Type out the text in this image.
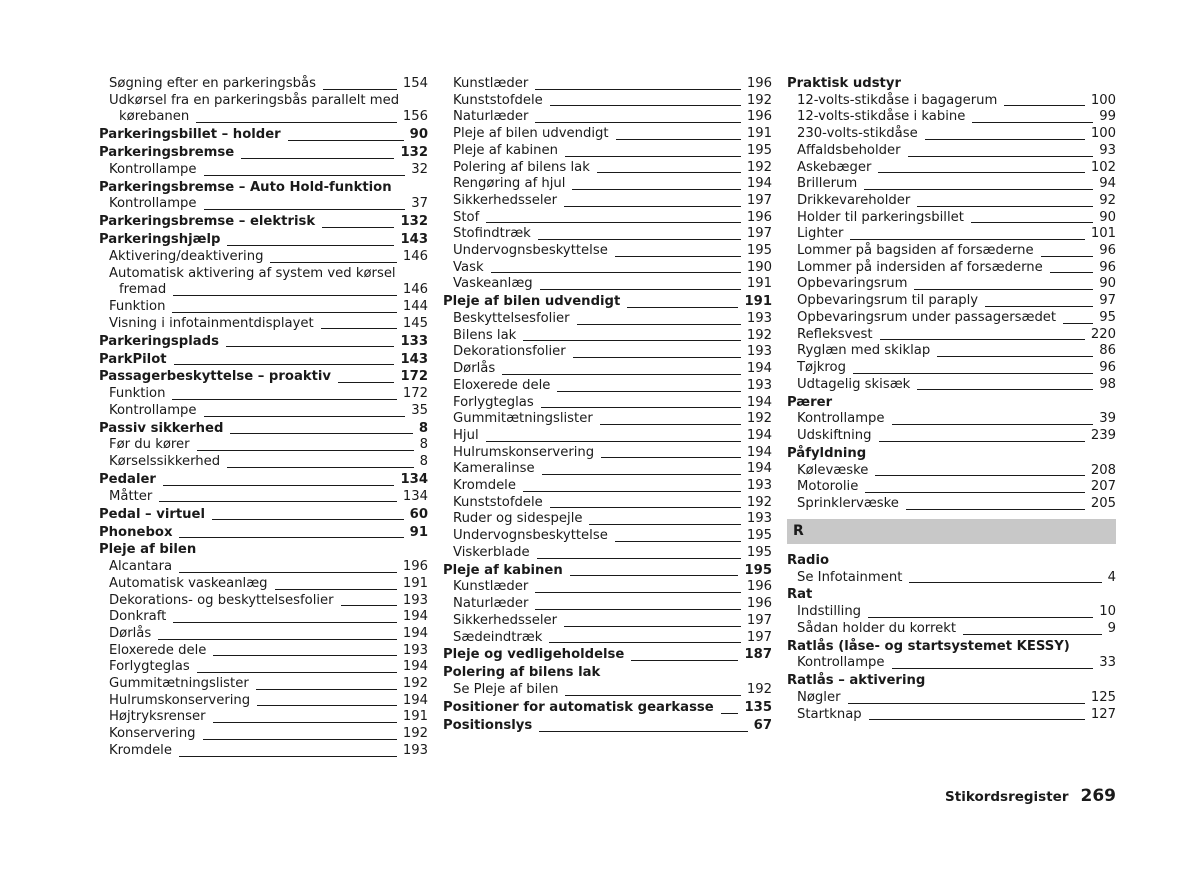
Søgning efter en parkeringsbås	154
Udkørsel fra en parkeringsbås parallelt med
kørebanen	156
Parkeringsbillet – holder	90
Parkeringsbremse	132
Kontrollampe	32
Parkeringsbremse – Auto Hold-funktion
Kontrollampe	37
Parkeringsbremse – elektrisk	132
Parkeringshjælp	143
Aktivering/deaktivering	146
Automatisk aktivering af system ved kørsel
fremad	146
Funktion	144
Visning i infotainmentdisplayet	145
Parkeringsplads	133
ParkPilot	143
Passagerbeskyttelse – proaktiv	172
Funktion	172
Kontrollampe	35
Passiv sikkerhed	8
Før du kører	8
Kørselssikkerhed	8
Pedaler	134
Måtter	134
Pedal – virtuel	60
Phonebox	91
Pleje af bilen
Alcantara	196
Automatisk vaskeanlæg	191
Dekorations- og beskyttelsesfolier	193
Donkraft	194
Dørlås	194
Eloxerede dele	193
Forlygteglas	194
Gummitætningslister	192
Hulrumskonservering	194
Højtryksrenser	191
Konservering	192
Kromdele	193
Kunstlæder	196
Kunststofdele	192
Naturlæder	196
Pleje af bilen udvendigt	191
Pleje af kabinen	195
Polering af bilens lak	192
Rengøring af hjul	194
Sikkerhedsseler	197
Stof	196
Stofindtræk	197
Undervognsbeskyttelse	195
Vask	190
Vaskeanlæg	191
Pleje af bilen udvendigt	191
Beskyttelsesfolier	193
Bilens lak	192
Dekorationsfolier	193
Dørlås	194
Eloxerede dele	193
Forlygteglas	194
Gummitætningslister	192
Hjul	194
Hulrumskonservering	194
Kameralinse	194
Kromdele	193
Kunststofdele	192
Ruder og sidespejle	193
Undervognsbeskyttelse	195
Viskerblade	195
Pleje af kabinen	195
Kunstlæder	196
Naturlæder	196
Sikkerhedsseler	197
Sædeindtræk	197
Pleje og vedligeholdelse	187
Polering af bilens lak
Se Pleje af bilen	192
Positioner for automatisk gearkasse 135
Positionslys	67
Praktisk udstyr
12-volts-stikdåse i bagagerum	100
12-volts-stikdåse i kabine	99
230-volts-stikdåse	100
Affaldsbeholder	93
Askebæger	102
Brillerum	94
Drikkevareholder	92
Holder til parkeringsbillet	90
Lighter	101
Lommer på bagsiden af forsæderne	96
Lommer på indersiden af forsæderne	96
Opbevaringsrum	90
Opbevaringsrum til paraply	97
Opbevaringsrum under passagersædet	95
Refleksvest	220
Ryglæn med skiklap	86
Tøjkrog	96
Udtagelig skisæk	98
Pærer
Kontrollampe	39
Udskiftning	239
Påfyldning
Kølevæske	208
Motorolie	207
Sprinklervæske	205
R
Radio
Se Infotainment	4
Rat
Indstilling	10
Sådan holder du korrekt	9
Ratlås (låse- og startsystemet KESSY)
Kontrollampe	33
Ratlås – aktivering
Nøgler	125
Startknap	127
Stikordsregister 269
